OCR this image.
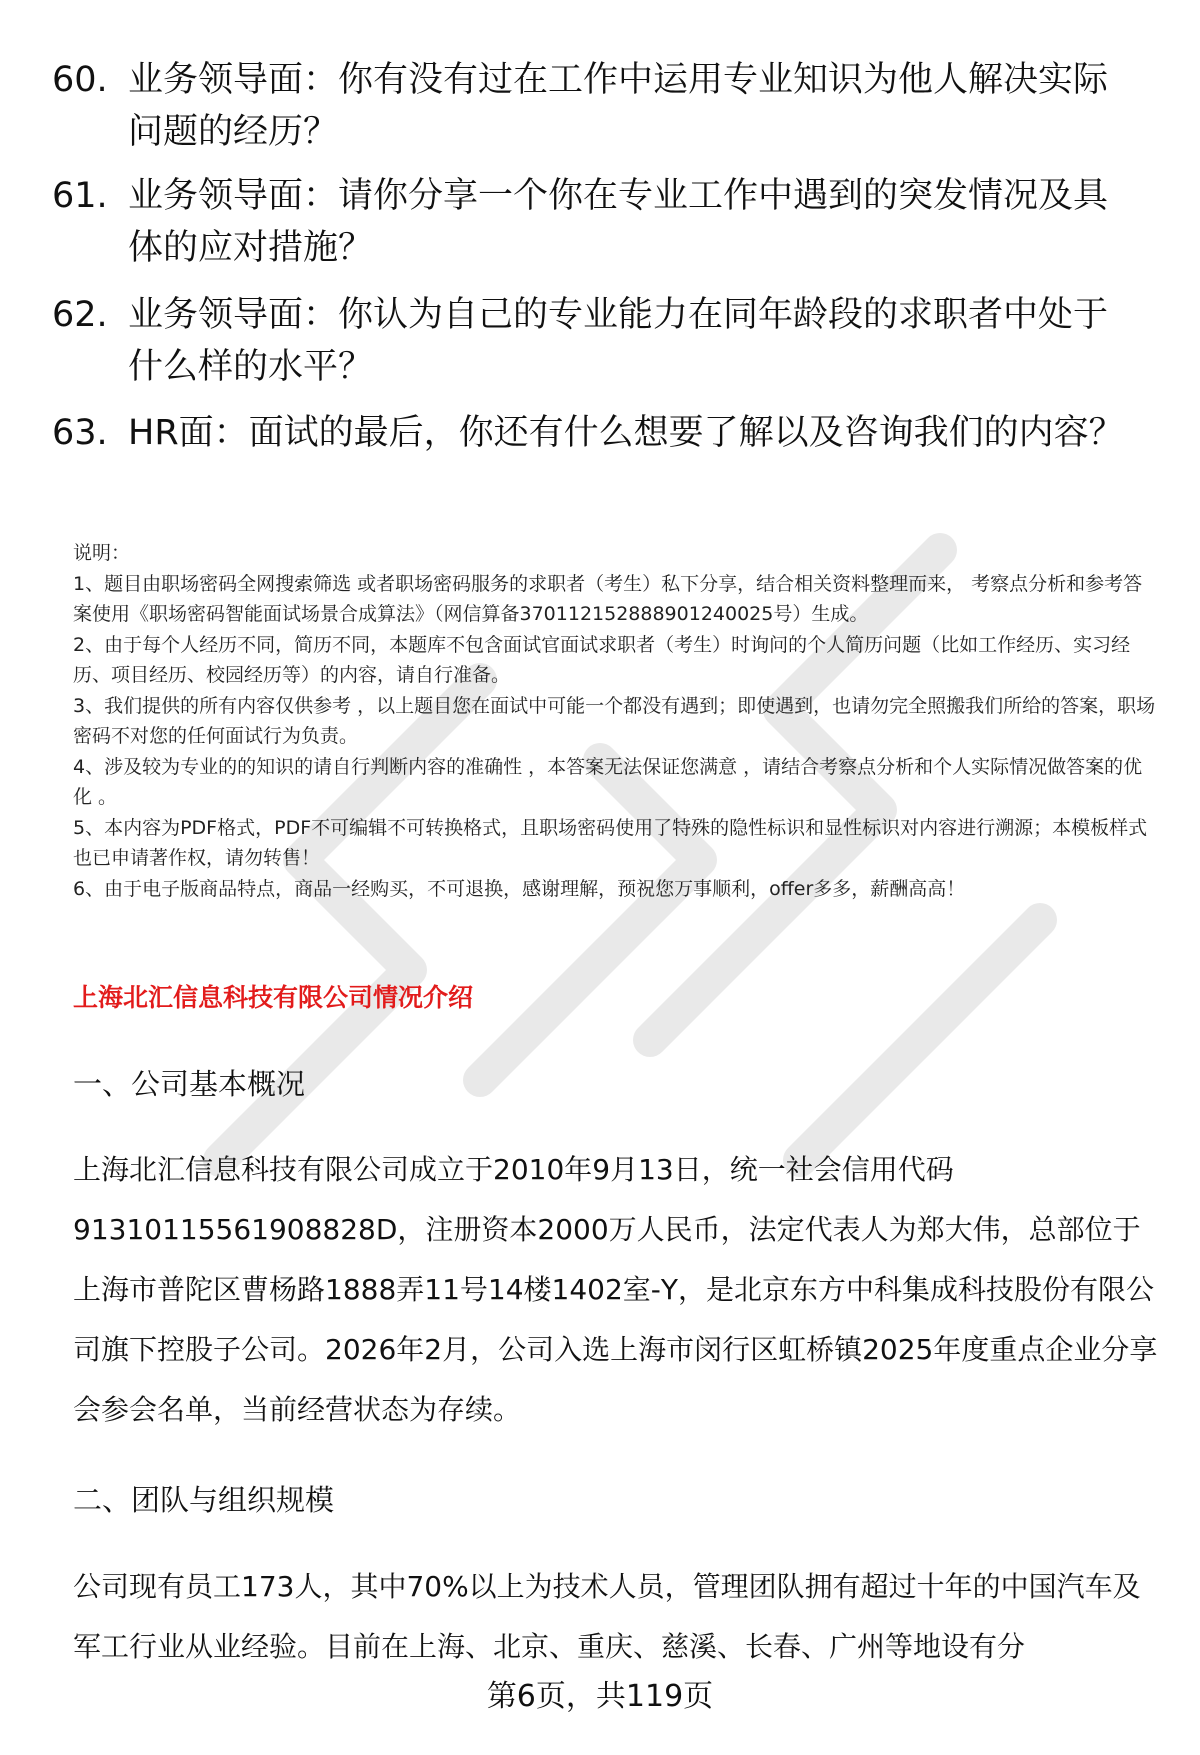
60. 业务领导面：你有没有过在工作中运用专业知识为他人解决实际问题的经历？
61. 业务领导面：请你分享一个你在专业工作中遇到的突发情况及具体的应对措施？
62. 业务领导面：你认为自己的专业能力在同年龄段的求职者中处于什么样的水平？
63. HR面：面试的最后，你还有什么想要了解以及咨询我们的内容？

说明：

1、题目由职场密码全网搜索筛选 或者职场密码服务的求职者（考生）私下分享，结合相关资料整理而来， 考察点分析和参考答案使用《职场密码智能面试场景合成算法》（网信算备370112152888901240025号）生成。

2、由于每个人经历不同，简历不同，本题库不包含面试官面试求职者（考生）时询问的个人简历问题（比如工作经历、实习经历、项目经历、校园经历等）的内容，请自行准备。

3、我们提供的所有内容仅供参考 ，以上题目您在面试中可能一个都没有遇到；即使遇到，也请勿完全照搬我们所给的答案，职场密码不对您的任何面试行为负责。

4、涉及较为专业的的知识的请自行判断内容的准确性 ，本答案无法保证您满意 ，请结合考察点分析和个人实际情况做答案的优化 。

5、本内容为PDF格式，PDF不可编辑不可转换格式，且职场密码使用了特殊的隐性标识和显性标识对内容进行溯源；本模板样式也已申请著作权，请勿转售！

6、由于电子版商品特点，商品一经购买，不可退换，感谢理解，预祝您万事顺利，offer多多，薪酬高高！

上海北汇信息科技有限公司情况介绍
一、公司基本概况

上海北汇信息科技有限公司成立于2010年9月13日，统一社会信用代码91310115561908828D，注册资本2000万人民币，法定代表人为郑大伟，总部位于上海市普陀区曹杨路1888弄11号14楼1402室-Y，是北京东方中科集成科技股份有限公司旗下控股子公司。2026年2月，公司入选上海市闵行区虹桥镇2025年度重点企业分享会参会名单，当前经营状态为存续。

二、团队与组织规模

公司现有员工173人，其中70%以上为技术人员，管理团队拥有超过十年的中国汽车及军工行业从业经验。目前在上海、北京、重庆、慈溪、长春、广州等地设有分

第6页，共119页
